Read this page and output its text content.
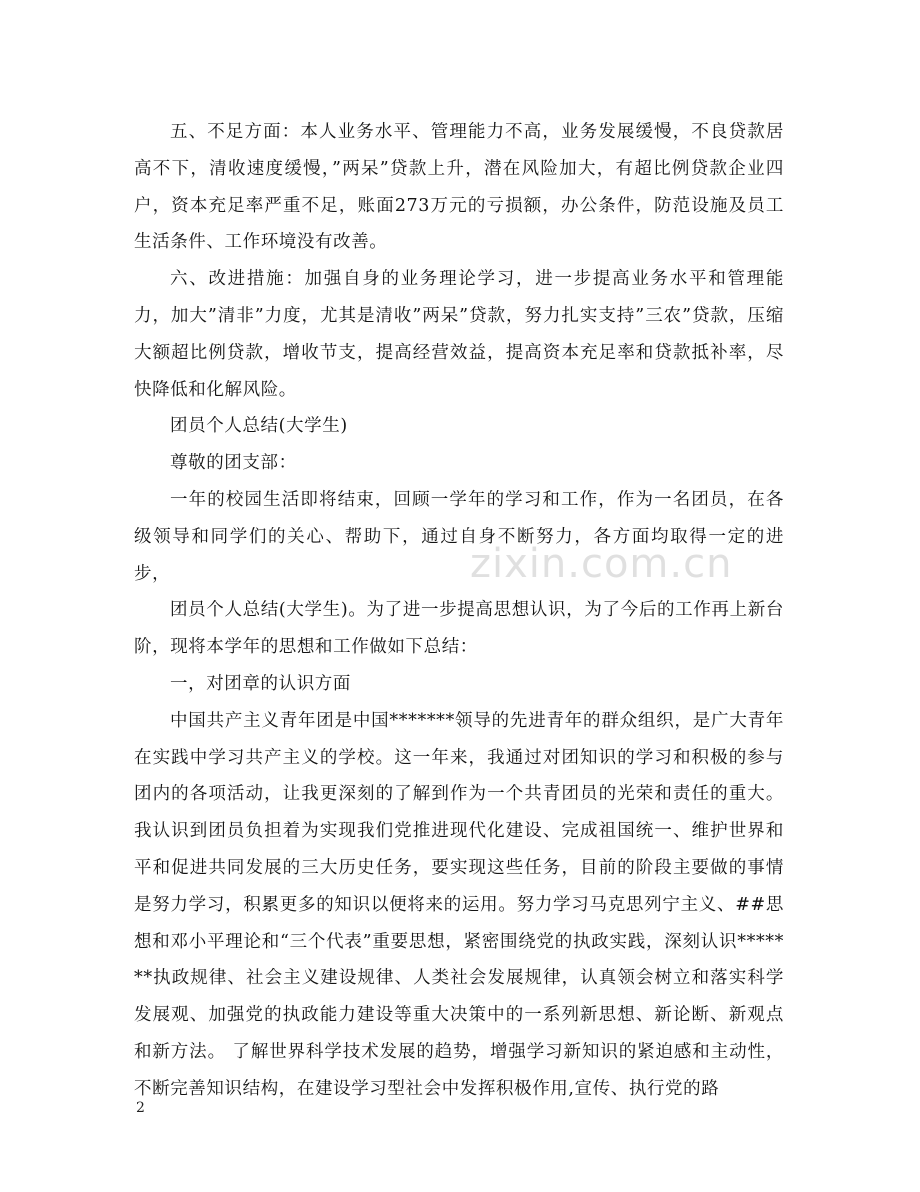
五、不足方面：本人业务水平、管理能力不高，业务发展缓慢，不良贷款居高不下，清收速度缓慢，”两呆”贷款上升，潜在风险加大，有超比例贷款企业四户，资本充足率严重不足，账面273万元的亏损额，办公条件，防范设施及员工生活条件、工作环境没有改善。

六、改进措施：加强自身的业务理论学习，进一步提高业务水平和管理能力，加大”清非”力度，尤其是清收”两呆”贷款，努力扎实支持”三农”贷款，压缩大额超比例贷款，增收节支，提高经营效益，提高资本充足率和贷款抵补率，尽快降低和化解风险。

团员个人总结(大学生)

尊敬的团支部：

一年的校园生活即将结束，回顾一学年的学习和工作，作为一名团员，在各级领导和同学们的关心、帮助下，通过自身不断努力，各方面均取得一定的进步，

团员个人总结(大学生)。为了进一步提高思想认识，为了今后的工作再上新台阶，现将本学年的思想和工作做如下总结：

一，对团章的认识方面

中国共产主义青年团是中国*******领导的先进青年的群众组织，是广大青年在实践中学习共产主义的学校。这一年来，我通过对团知识的学习和积极的参与团内的各项活动，让我更深刻的了解到作为一个共青团员的光荣和责任的重大。我认识到团员负担着为实现我们党推进现代化建设、完成祖国统一、维护世界和平和促进共同发展的三大历史任务，要实现这些任务，目前的阶段主要做的事情是努力学习，积累更多的知识以便将来的运用。努力学习马克思列宁主义、##思想和邓小平理论和“三个代表”重要思想，紧密围绕党的执政实践，深刻认识*******执政规律、社会主义建设规律、人类社会发展规律，认真领会树立和落实科学发展观、加强党的执政能力建设等重大决策中的一系列新思想、新论断、新观点和新方法。 了解世界科学技术发展的趋势，增强学习新知识的紧迫感和主动性，不断完善知识结构，在建设学习型社会中发挥积极作用,宣传、执行党的路

zixin.com.cn
2
